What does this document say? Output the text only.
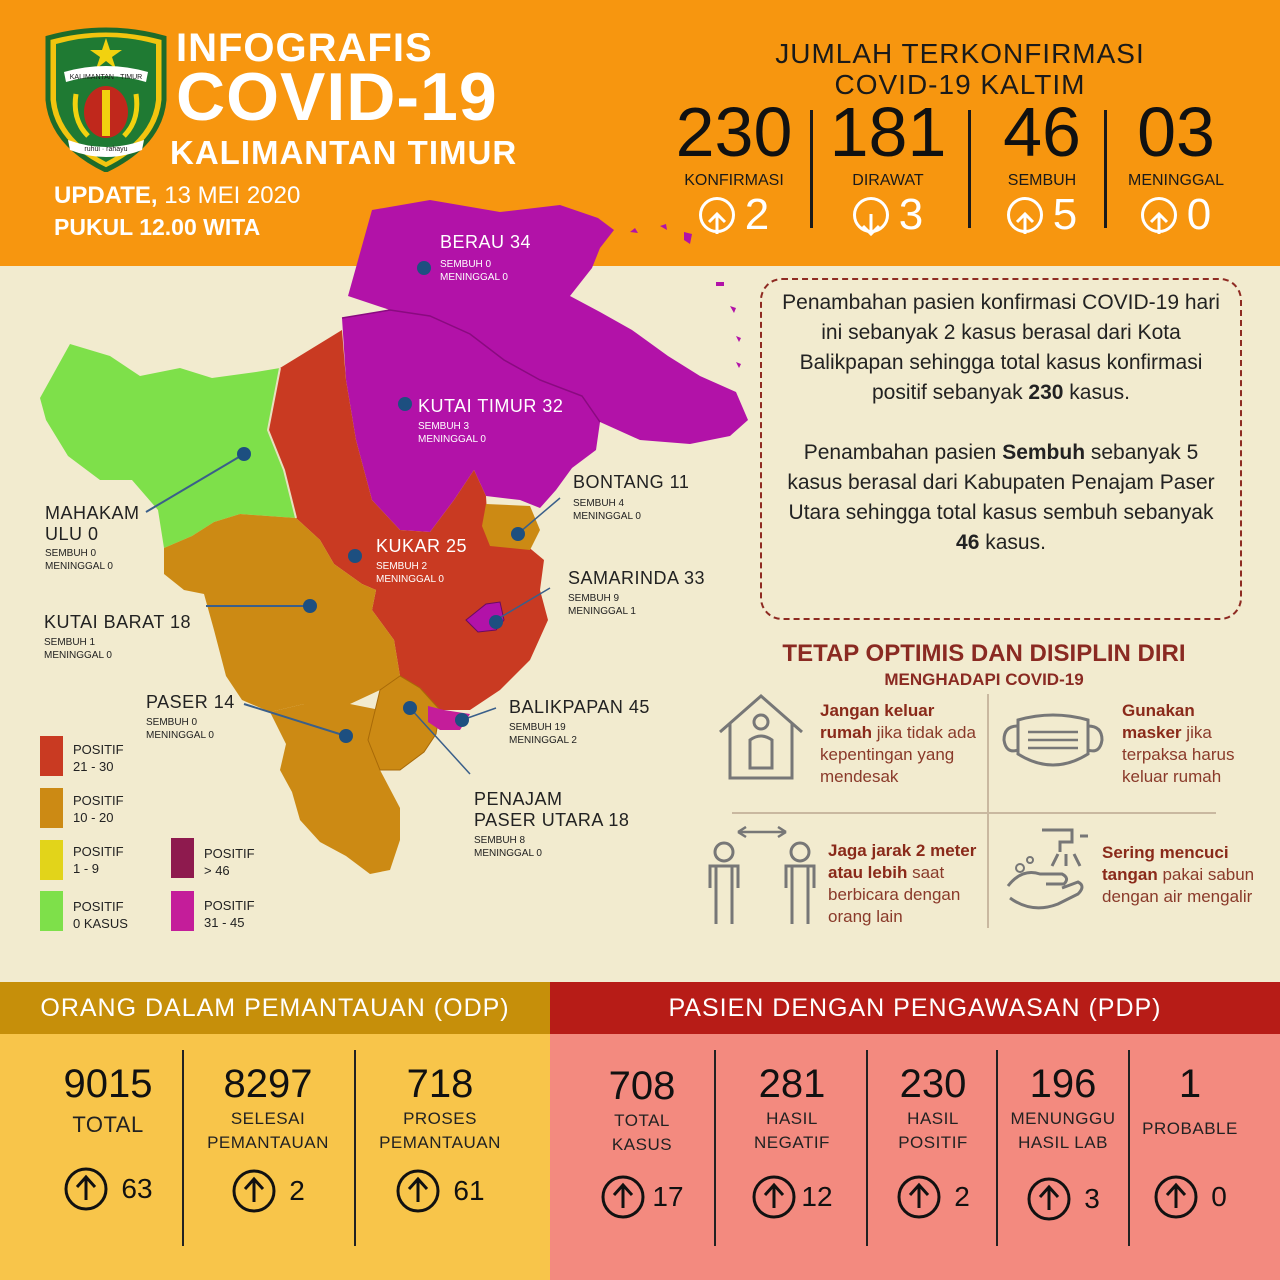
KALIMANTAN · TIMUR
ruhui · rahayu
INFOGRAFIS
COVID-19
KALIMANTAN TIMUR
UPDATE, 13 MEI 2020
PUKUL 12.00 WITA
JUMLAH TERKONFIRMASI
COVID-19 KALTIM
230
KONFIRMASI
2
181
DIRAWAT
3
46
SEMBUH
5
03
MENINGGAL
0
BERAU 34
SEMBUH 0
MENINGGAL 0
KUTAI TIMUR 32
SEMBUH 3
MENINGGAL 0
MAHAKAM
ULU 0
SEMBUH 0
MENINGGAL 0
KUKAR 25
SEMBUH 2
MENINGGAL 0
BONTANG 11
SEMBUH 4
MENINGGAL 0
SAMARINDA 33
SEMBUH 9
MENINGGAL 1
KUTAI BARAT 18
SEMBUH 1
MENINGGAL 0
PASER 14
SEMBUH 0
MENINGGAL 0
BALIKPAPAN 45
SEMBUH 19
MENINGGAL 2
PENAJAM
PASER UTARA 18
SEMBUH 8
MENINGGAL 0
POSITIF
21 - 30
POSITIF
10 - 20
POSITIF
1 - 9
POSITIF
0 KASUS
POSITIF
> 46
POSITIF
31 - 45

Penambahan pasien konfirmasi COVID-19 hari ini sebanyak 2 kasus berasal dari Kota Balikpapan sehingga total kasus konfirmasi positif sebanyak 230 kasus.

Penambahan pasien Sembuh sebanyak 5 kasus berasal dari Kabupaten Penajam Paser Utara sehingga total kasus sembuh sebanyak 46 kasus.

TETAP OPTIMIS DAN DISIPLIN DIRI
MENGHADAPI COVID-19
Jangan keluar rumah jika tidak ada kepentingan yang mendesak
Gunakan masker jika terpaksa harus keluar rumah
Jaga jarak 2 meter atau lebih saat berbicara dengan orang lain
Sering mencuci tangan pakai sabun dengan air mengalir
ORANG DALAM PEMANTAUAN (ODP)	PASIEN DENGAN PENGAWASAN (PDP)
9015
TOTAL
63
8297
SELESAI
PEMANTAUAN
2
718
PROSES
PEMANTAUAN
61
708
TOTAL
KASUS
17
281
HASIL
NEGATIF
12
230
HASIL
POSITIF
2
196
MENUNGGU
HASIL LAB
3
1
PROBABLE
0
